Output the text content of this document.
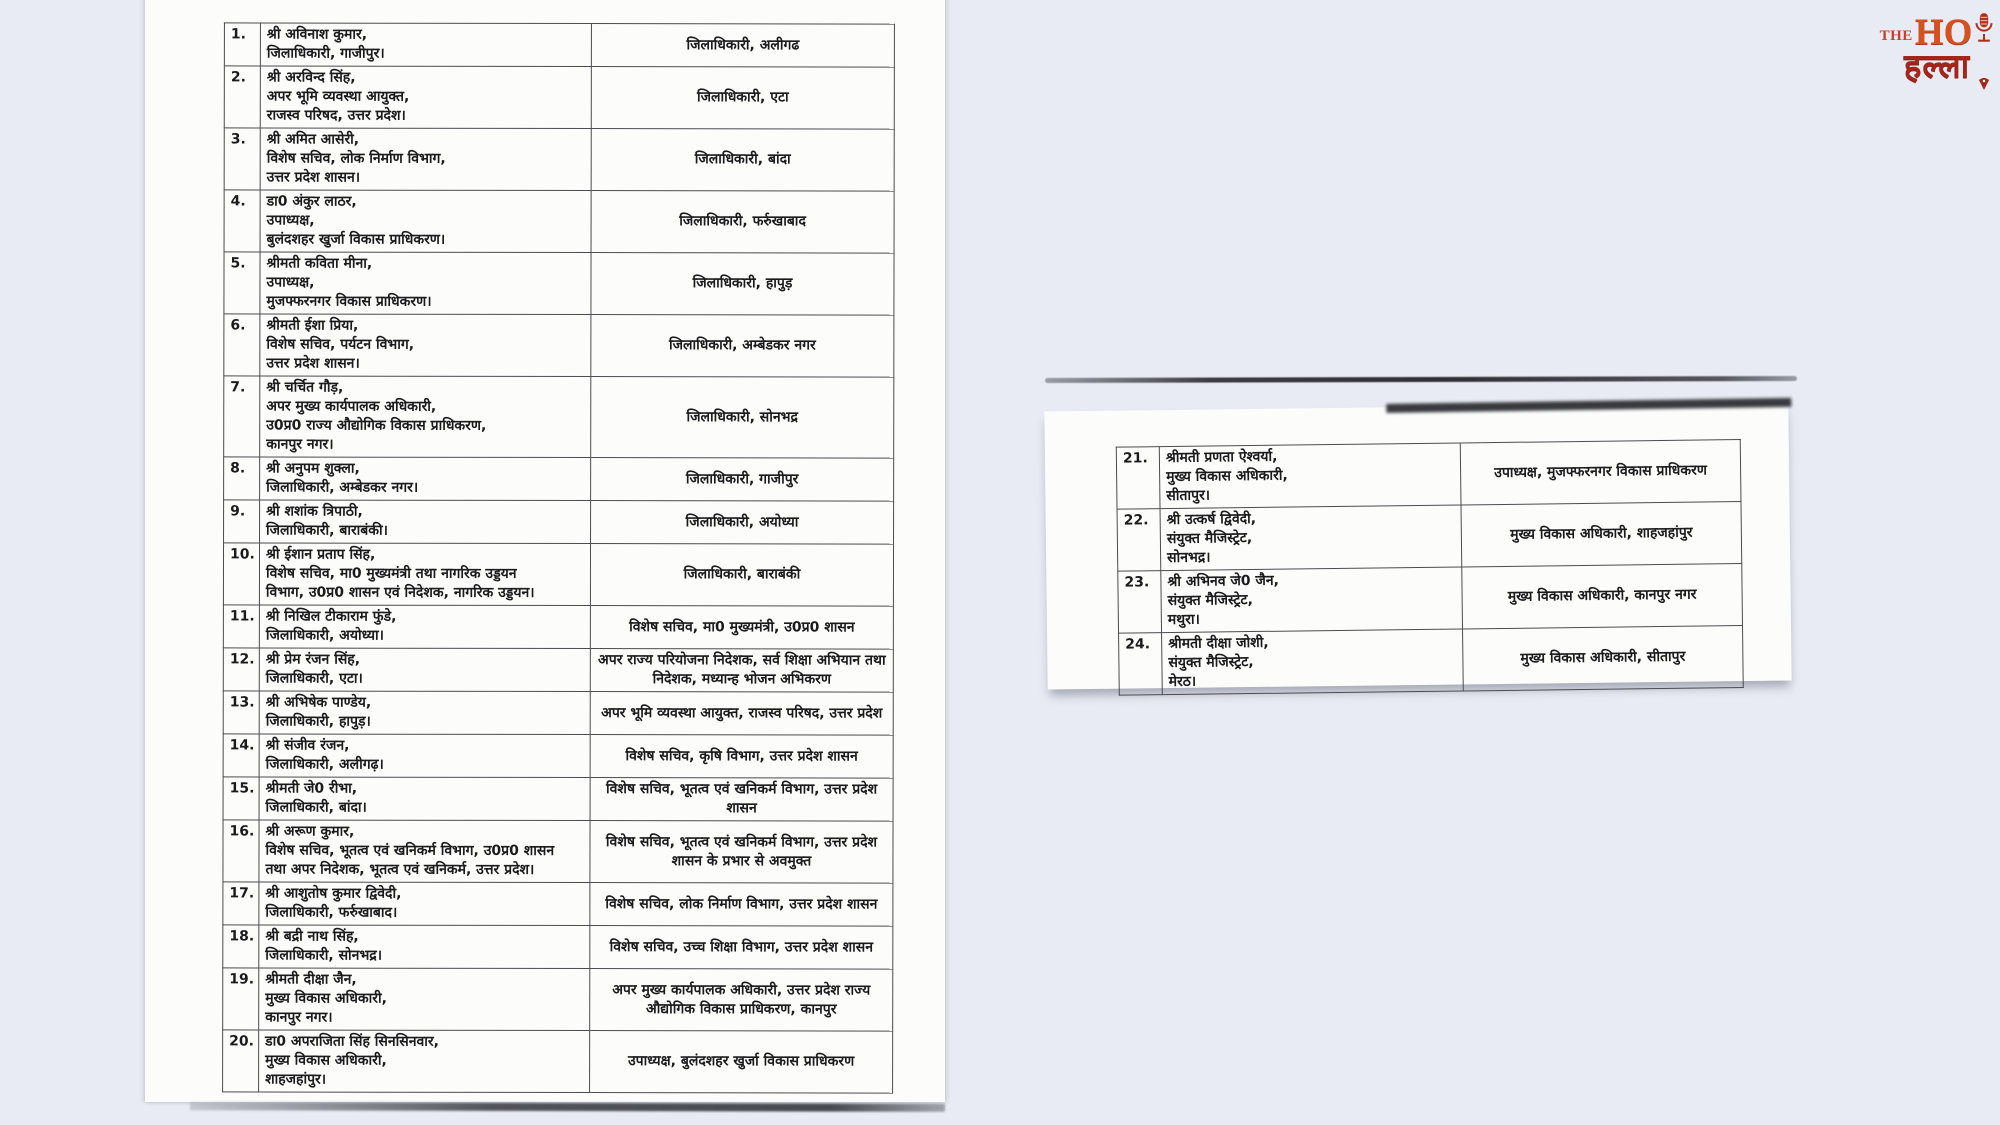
1.	श्री अविनाश कुमार,
जिलाधिकारी, गाजीपुर।	जिलाधिकारी, अलीगढ
2.	श्री अरविन्द सिंह,
अपर भूमि व्यवस्था आयुक्त,
राजस्व परिषद, उत्तर प्रदेश।	जिलाधिकारी, एटा
3.	श्री अमित आसेरी,
विशेष सचिव, लोक निर्माण विभाग,
उत्तर प्रदेश शासन।	जिलाधिकारी, बांदा
4.	डा0 अंकुर लाठर,
उपाध्यक्ष,
बुलंदशहर खुर्जा विकास प्राधिकरण।	जिलाधिकारी, फर्रुखाबाद
5.	श्रीमती कविता मीना,
उपाध्यक्ष,
मुजफ्फरनगर विकास प्राधिकरण।	जिलाधिकारी, हापुड़
6.	श्रीमती ईशा प्रिया,
विशेष सचिव, पर्यटन विभाग,
उत्तर प्रदेश शासन।	जिलाधिकारी, अम्बेडकर नगर
7.	श्री चर्चित गौड़,
अपर मुख्य कार्यपालक अधिकारी,
उ0प्र0 राज्य औद्योगिक विकास प्राधिकरण,
कानपुर नगर।	जिलाधिकारी, सोनभद्र
8.	श्री अनुपम शुक्ला,
जिलाधिकारी, अम्बेडकर नगर।	जिलाधिकारी, गाजीपुर
9.	श्री शशांक त्रिपाठी,
जिलाधिकारी, बाराबंकी।	जिलाधिकारी, अयोध्या
10.	श्री ईशान प्रताप सिंह,
विशेष सचिव, मा0 मुख्यमंत्री तथा नागरिक उड्डयन
विभाग, उ0प्र0 शासन एवं निदेशक, नागरिक उड्डयन।	जिलाधिकारी, बाराबंकी
11.	श्री निखिल टीकाराम फुंडे,
जिलाधिकारी, अयोध्या।	विशेष सचिव, मा0 मुख्यमंत्री, उ0प्र0 शासन
12.	श्री प्रेम रंजन सिंह,
जिलाधिकारी, एटा।	अपर राज्य परियोजना निदेशक, सर्व शिक्षा अभियान तथा निदेशक, मध्यान्ह भोजन अभिकरण
13.	श्री अभिषेक पाण्डेय,
जिलाधिकारी, हापुड़।	अपर भूमि व्यवस्था आयुक्त, राजस्व परिषद, उत्तर प्रदेश
14.	श्री संजीव रंजन,
जिलाधिकारी, अलीगढ़।	विशेष सचिव, कृषि विभाग, उत्तर प्रदेश शासन
15.	श्रीमती जे0 रीभा,
जिलाधिकारी, बांदा।	विशेष सचिव, भूतत्व एवं खनिकर्म विभाग, उत्तर प्रदेश शासन
16.	श्री अरूण कुमार,
विशेष सचिव, भूतत्व एवं खनिकर्म विभाग, उ0प्र0 शासन
तथा अपर निदेशक, भूतत्व एवं खनिकर्म, उत्तर प्रदेश।	विशेष सचिव, भूतत्व एवं खनिकर्म विभाग, उत्तर प्रदेश शासन के प्रभार से अवमुक्त
17.	श्री आशुतोष कुमार द्विवेदी,
जिलाधिकारी, फर्रुखाबाद।	विशेष सचिव, लोक निर्माण विभाग, उत्तर प्रदेश शासन
18.	श्री बद्री नाथ सिंह,
जिलाधिकारी, सोनभद्र।	विशेष सचिव, उच्च शिक्षा विभाग, उत्तर प्रदेश शासन
19.	श्रीमती दीक्षा जैन,
मुख्य विकास अधिकारी,
कानपुर नगर।	अपर मुख्य कार्यपालक अधिकारी, उत्तर प्रदेश राज्य औद्योगिक विकास प्राधिकरण, कानपुर
20.	डा0 अपराजिता सिंह सिनसिनवार,
मुख्य विकास अधिकारी,
शाहजहांपुर।	उपाध्यक्ष, बुलंदशहर खुर्जा विकास प्राधिकरण
21.	श्रीमती प्रणता ऐश्वर्या,
मुख्य विकास अधिकारी,
सीतापुर।	उपाध्यक्ष, मुजफ्फरनगर विकास प्राधिकरण
22.	श्री उत्कर्ष द्विवेदी,
संयुक्त मैजिस्ट्रेट,
सोनभद्र।	मुख्य विकास अधिकारी, शाहजहांपुर
23.	श्री अभिनव जे0 जैन,
संयुक्त मैजिस्ट्रेट,
मथुरा।	मुख्य विकास अधिकारी, कानपुर नगर
24.	श्रीमती दीक्षा जोशी,
संयुक्त मैजिस्ट्रेट,
मेरठ।	मुख्य विकास अधिकारी, सीतापुर
THE HO
हल्ला
